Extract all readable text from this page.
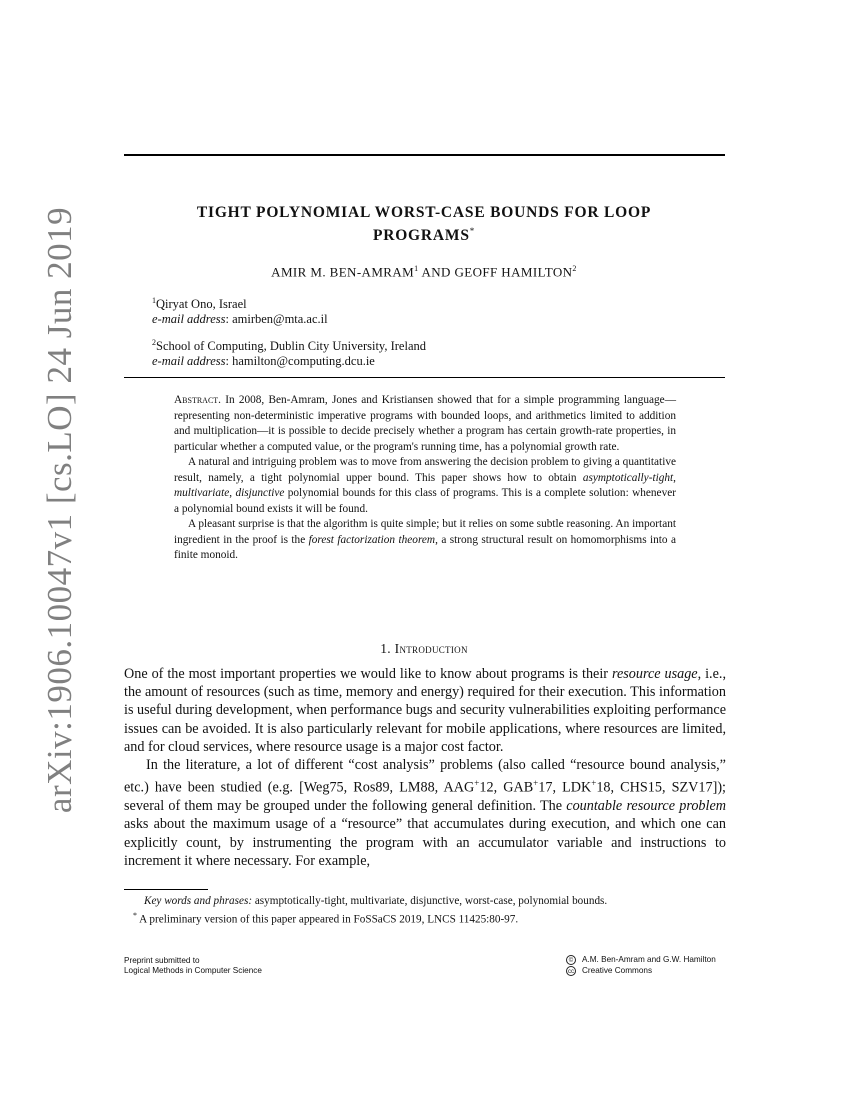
arXiv:1906.10047v1 [cs.LO] 24 Jun 2019	TIGHT POLYNOMIAL WORST-CASE BOUNDS FOR LOOP
PROGRAMS*
AMIR M. BEN-AMRAM$^1$ AND GEOFF HAMILTON$^2$
$^1$Qiryat Ono, Israel
e-mail address: amirben@mta.ac.il
$^2$School of Computing, Dublin City University, Ireland
e-mail address: hamilton@computing.dcu.ie

Abstract. In 2008, Ben-Amram, Jones and Kristiansen showed that for a simple programming language—representing non-deterministic imperative programs with bounded loops, and arithmetics limited to addition and multiplication—it is possible to decide precisely whether a program has certain growth-rate properties, in particular whether a computed value, or the program's running time, has a polynomial growth rate.

A natural and intriguing problem was to move from answering the decision problem to giving a quantitative result, namely, a tight polynomial upper bound. This paper shows how to obtain asymptotically-tight, multivariate, disjunctive polynomial bounds for this class of programs. This is a complete solution: whenever a polynomial bound exists it will be found.

A pleasant surprise is that the algorithm is quite simple; but it relies on some subtle reasoning. An important ingredient in the proof is the forest factorization theorem, a strong structural result on homomorphisms into a finite monoid.

1. Introduction

One of the most important properties we would like to know about programs is their resource usage, i.e., the amount of resources (such as time, memory and energy) required for their execution. This information is useful during development, when performance bugs and security vulnerabilities exploiting performance issues can be avoided. It is also particularly relevant for mobile applications, where resources are limited, and for cloud services, where resource usage is a major cost factor.

In the literature, a lot of different “cost analysis” problems (also called “resource bound analysis,” etc.) have been studied (e.g. [Weg75, Ros89, LM88, AAG+12, GAB+17, LDK+18, CHS15, SZV17]); several of them may be grouped under the following general definition. The countable resource problem asks about the maximum usage of a “resource” that accumulates during execution, and which one can explicitly count, by instrumenting the program with an accumulator variable and instructions to increment it where necessary. For example,

Key words and phrases: asymptotically-tight, multivariate, disjunctive, worst-case, polynomial bounds.
* A preliminary version of this paper appeared in FoSSaCS 2019, LNCS 11425:80-97.
Preprint submitted to
Logical Methods in Computer Science
© A.M. Ben-Amram and G.W. Hamilton
cc Creative Commons
